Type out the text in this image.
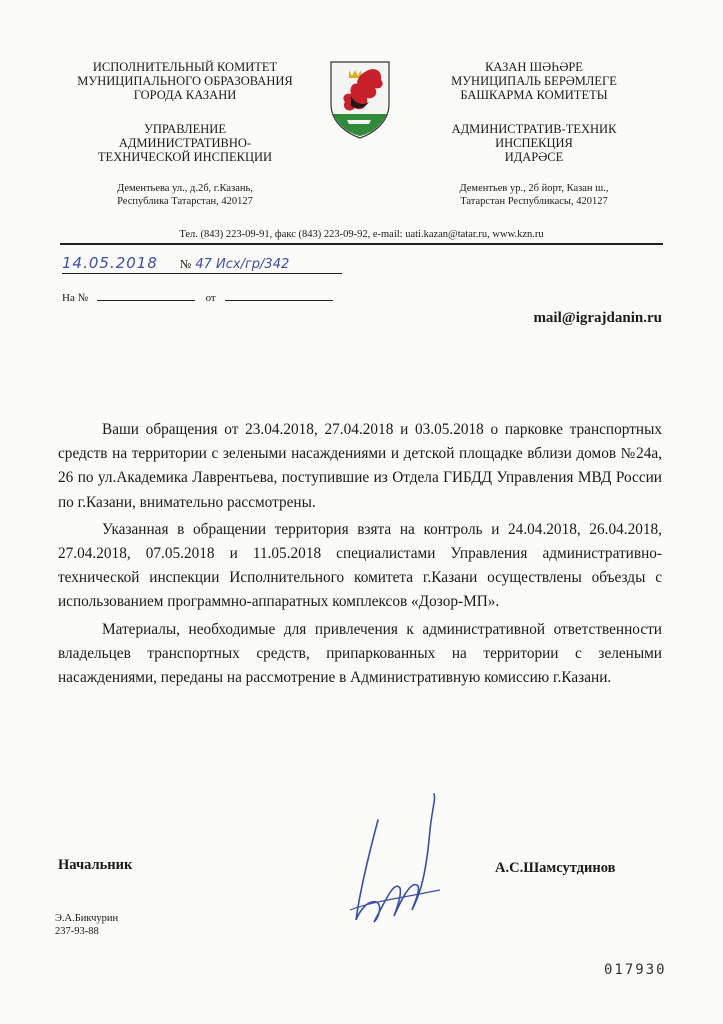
ИСПОЛНИТЕЛЬНЫЙ КОМИТЕТ
МУНИЦИПАЛЬНОГО ОБРАЗОВАНИЯ
ГОРОДА КАЗАНИ
УПРАВЛЕНИЕ
АДМИНИСТРАТИВНО-
ТЕХНИЧЕСКОЙ ИНСПЕКЦИИ
Дементьева ул., д.2б, г.Казань,
Республика Татарстан, 420127
КАЗАН ШӘҺӘРЕ
МУНИЦИПАЛЬ БЕРӘМЛЕГЕ
БАШКАРМА КОМИТЕТЫ
АДМИНИСТРАТИВ-ТЕХНИК
ИНСПЕКЦИЯ
ИДАРӘСЕ
Дементьев ур., 2б йорт, Казан ш.,
Татарстан Республикасы, 420127
Тел. (843) 223-09-91, факс (843) 223-09-92, e-mail: uati.kazan@tatar.ru, www.kzn.ru
14.05.2018 № 47 Исх/гр/342
На №	от
mail@igrajdanin.ru

Ваши обращения от 23.04.2018, 27.04.2018 и 03.05.2018 о парковке транспортных средств на территории с зелеными насаждениями и детской площадке вблизи домов №24а, 26 по ул.Академика Лаврентьева, поступившие из Отдела ГИБДД Управления МВД России по г.Казани, внимательно рассмотрены.

Указанная в обращении территория взята на контроль и 24.04.2018, 26.04.2018, 27.04.2018, 07.05.2018 и 11.05.2018 специалистами Управления административно-технической инспекции Исполнительного комитета г.Казани осуществлены объезды с использованием программно-аппаратных комплексов «Дозор-МП».

Материалы, необходимые для привлечения к административной ответственности владельцев транспортных средств, припаркованных на территории с зелеными насаждениями, переданы на рассмотрение в Административную комиссию г.Казани.

Начальник	А.С.Шамсутдинов
Э.А.Бикчурин
237-93-88
017930
